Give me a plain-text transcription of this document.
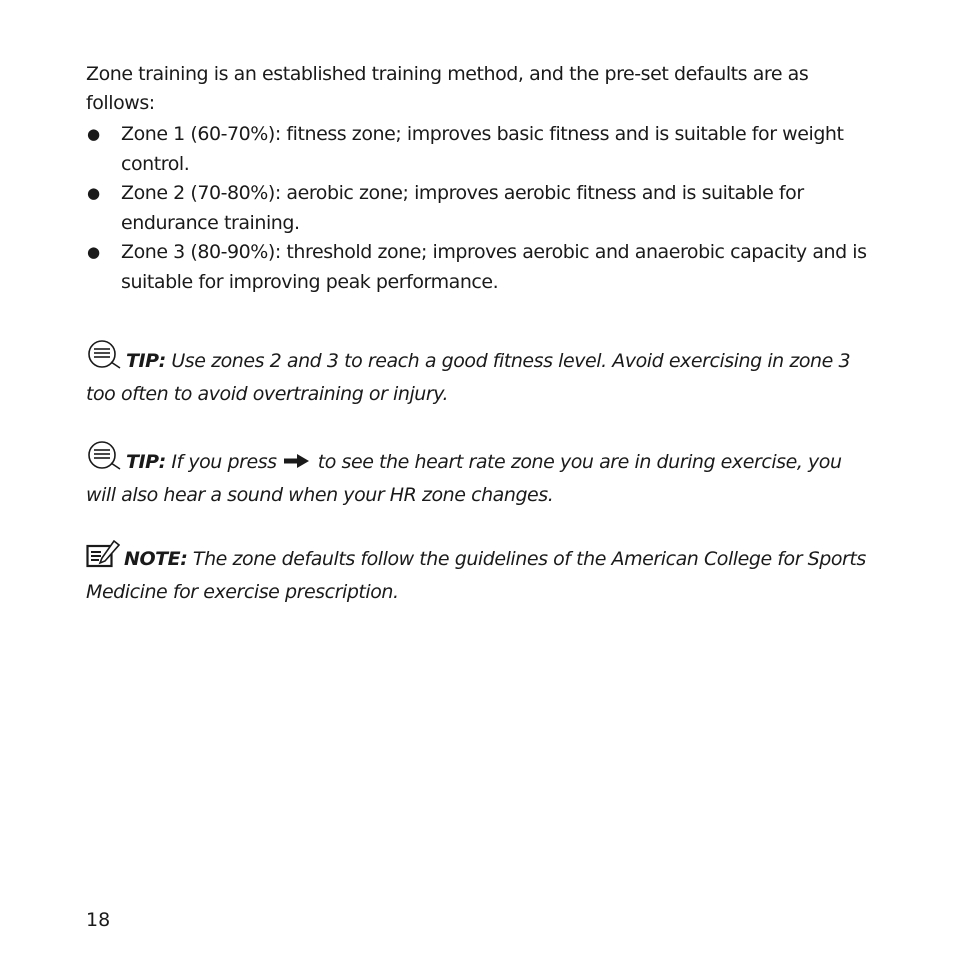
Zone training is an established training method, and the pre-set defaults are as follows:

● Zone 1 (60-70%): fitness zone; improves basic fitness and is suitable for weight control.
● Zone 2 (70-80%): aerobic zone; improves aerobic fitness and is suitable for endurance training.
● Zone 3 (80-90%): threshold zone; improves aerobic and anaerobic capacity and is suitable for improving peak performance.
TIP: Use zones 2 and 3 to reach a good fitness level. Avoid exercising in zone 3 too often to avoid overtraining or injury.
TIP: If you press  to see the heart rate zone you are in during exercise, you will also hear a sound when your HR zone changes.
NOTE: The zone defaults follow the guidelines of the American College for Sports Medicine for exercise prescription.
18
